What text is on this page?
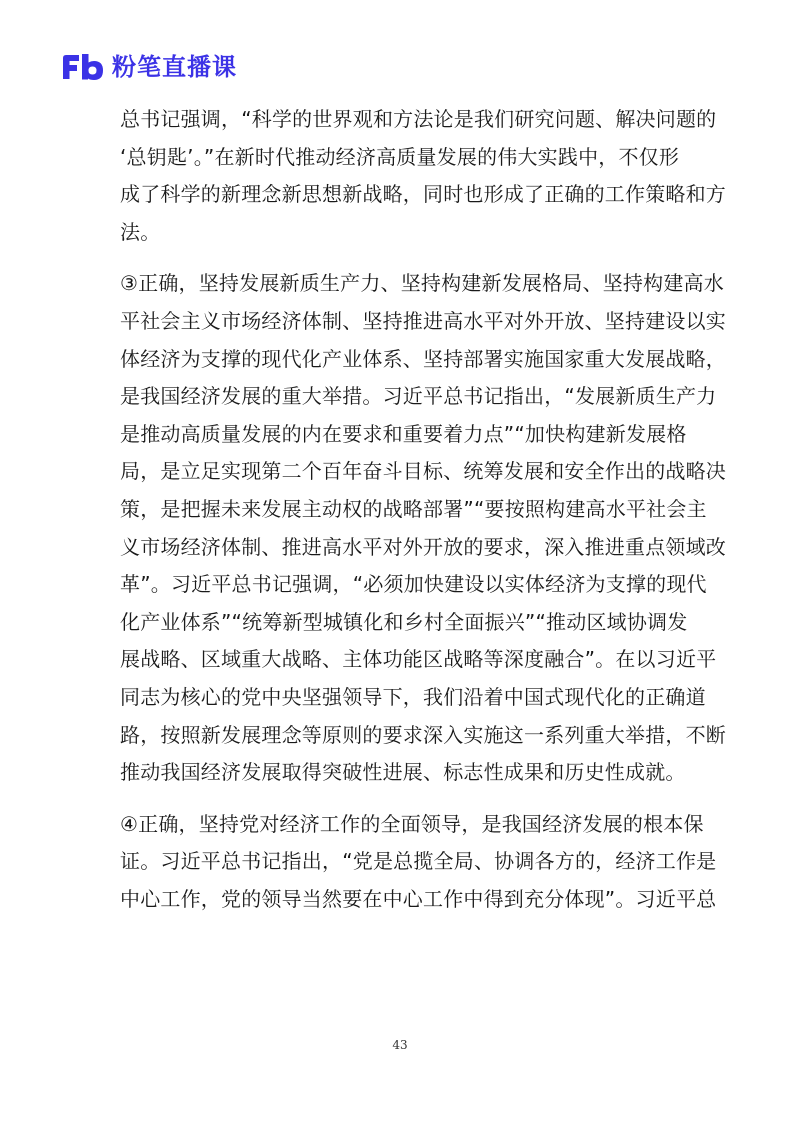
粉笔直播课
总书记强调，“科学的世界观和方法论是我们研究问题、解决问题的
‘总钥匙’。”在新时代推动经济高质量发展的伟大实践中，不仅形
成了科学的新理念新思想新战略，同时也形成了正确的工作策略和方
法。
③正确，坚持发展新质生产力、坚持构建新发展格局、坚持构建高水
平社会主义市场经济体制、坚持推进高水平对外开放、坚持建设以实
体经济为支撑的现代化产业体系、坚持部署实施国家重大发展战略，
是我国经济发展的重大举措。习近平总书记指出，“发展新质生产力
是推动高质量发展的内在要求和重要着力点”“加快构建新发展格
局，是立足实现第二个百年奋斗目标、统筹发展和安全作出的战略决
策，是把握未来发展主动权的战略部署”“要按照构建高水平社会主
义市场经济体制、推进高水平对外开放的要求，深入推进重点领域改
革”。习近平总书记强调，“必须加快建设以实体经济为支撑的现代
化产业体系”“统筹新型城镇化和乡村全面振兴”“推动区域协调发
展战略、区域重大战略、主体功能区战略等深度融合”。在以习近平
同志为核心的党中央坚强领导下，我们沿着中国式现代化的正确道
路，按照新发展理念等原则的要求深入实施这一系列重大举措，不断
推动我国经济发展取得突破性进展、标志性成果和历史性成就。
④正确，坚持党对经济工作的全面领导，是我国经济发展的根本保
证。习近平总书记指出，“党是总揽全局、协调各方的，经济工作是
中心工作，党的领导当然要在中心工作中得到充分体现”。习近平总
43
